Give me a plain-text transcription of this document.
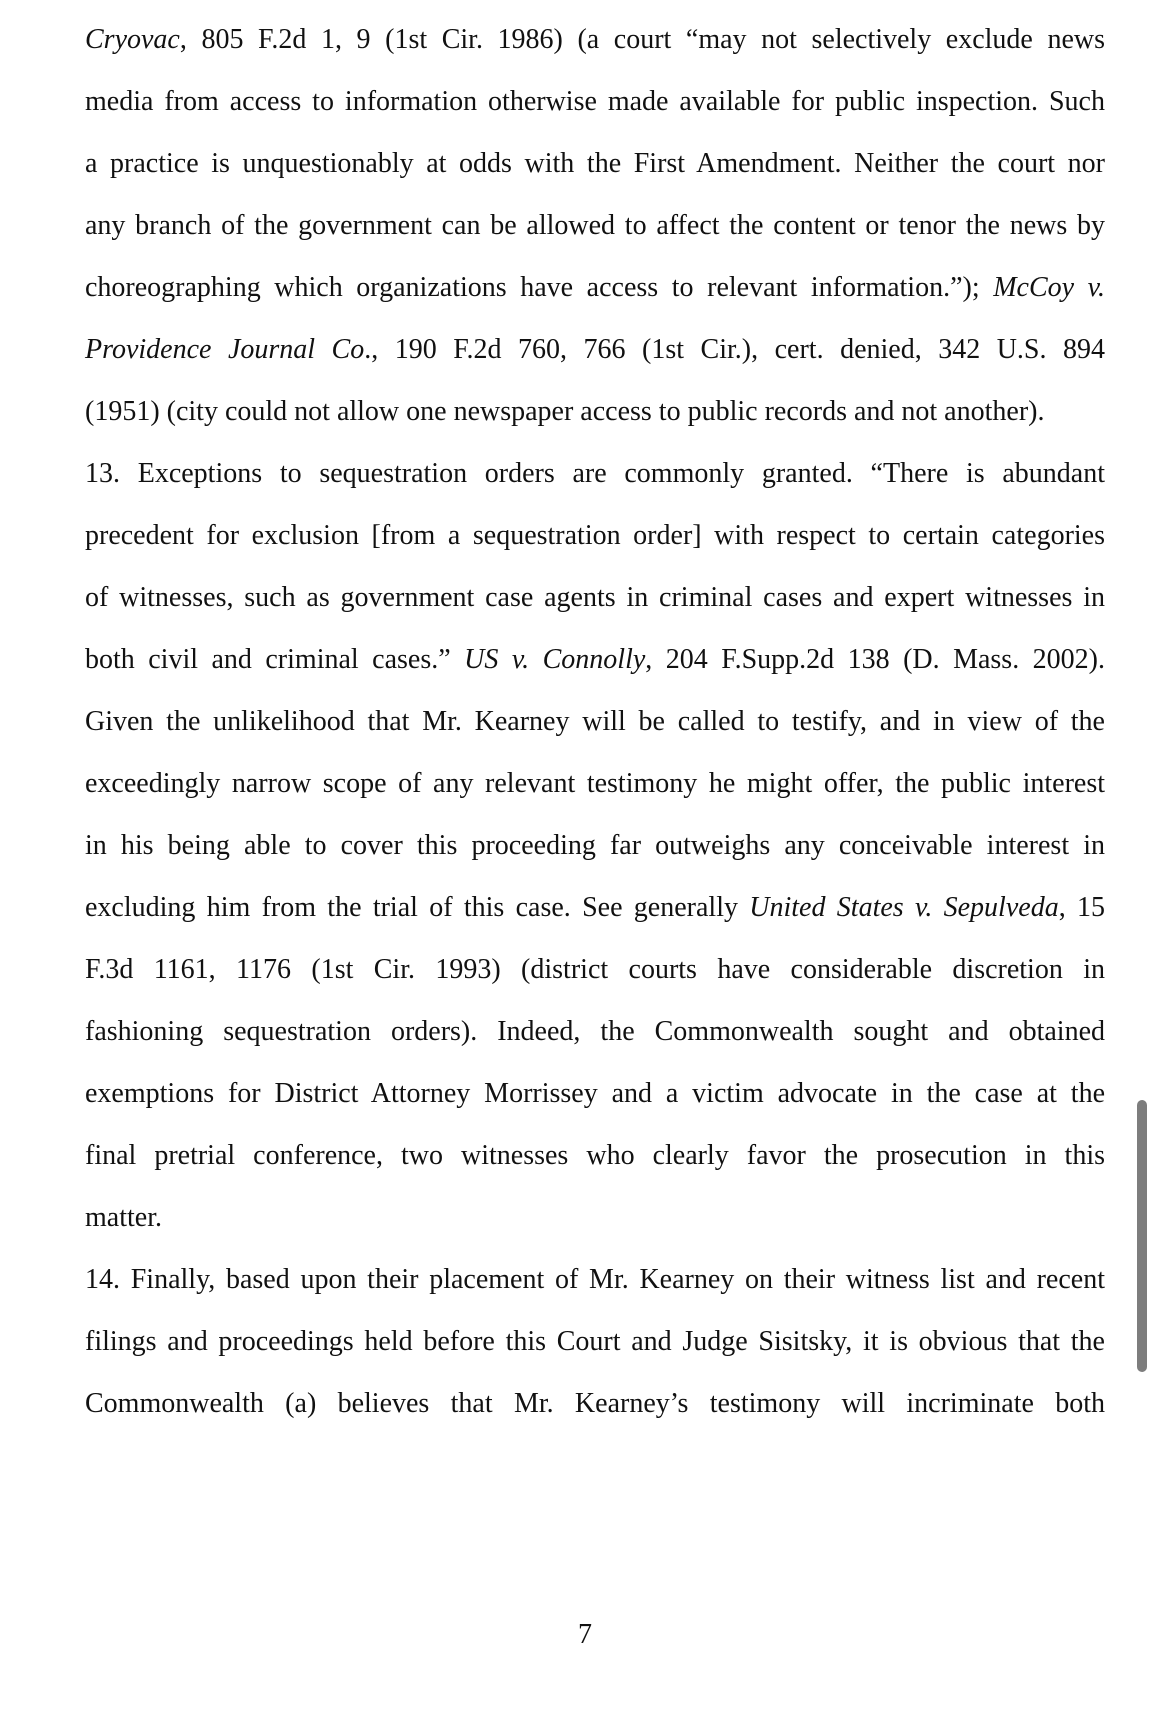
Cryovac, 805 F.2d 1, 9 (1st Cir. 1986) (a court “may not selectively exclude news
media from access to information otherwise made available for public inspection. Such
a practice is unquestionably at odds with the First Amendment. Neither the court nor
any branch of the government can be allowed to affect the content or tenor the news by
choreographing which organizations have access to relevant information.”); McCoy v.
Providence Journal Co., 190 F.2d 760, 766 (1st Cir.), cert. denied, 342 U.S. 894
(1951) (city could not allow one newspaper access to public records and not another).
13. Exceptions to sequestration orders are commonly granted. “There is abundant
precedent for exclusion [from a sequestration order] with respect to certain categories
of witnesses, such as government case agents in criminal cases and expert witnesses in
both civil and criminal cases.” US v. Connolly, 204 F.Supp.2d 138 (D. Mass. 2002).
Given the unlikelihood that Mr. Kearney will be called to testify, and in view of the
exceedingly narrow scope of any relevant testimony he might offer, the public interest
in his being able to cover this proceeding far outweighs any conceivable interest in
excluding him from the trial of this case. See generally United States v. Sepulveda, 15
F.3d 1161, 1176 (1st Cir. 1993) (district courts have considerable discretion in
fashioning sequestration orders). Indeed, the Commonwealth sought and obtained
exemptions for District Attorney Morrissey and a victim advocate in the case at the
final pretrial conference, two witnesses who clearly favor the prosecution in this
matter.
14. Finally, based upon their placement of Mr. Kearney on their witness list and recent
filings and proceedings held before this Court and Judge Sisitsky, it is obvious that the
Commonwealth (a) believes that Mr. Kearney’s testimony will incriminate both
7
